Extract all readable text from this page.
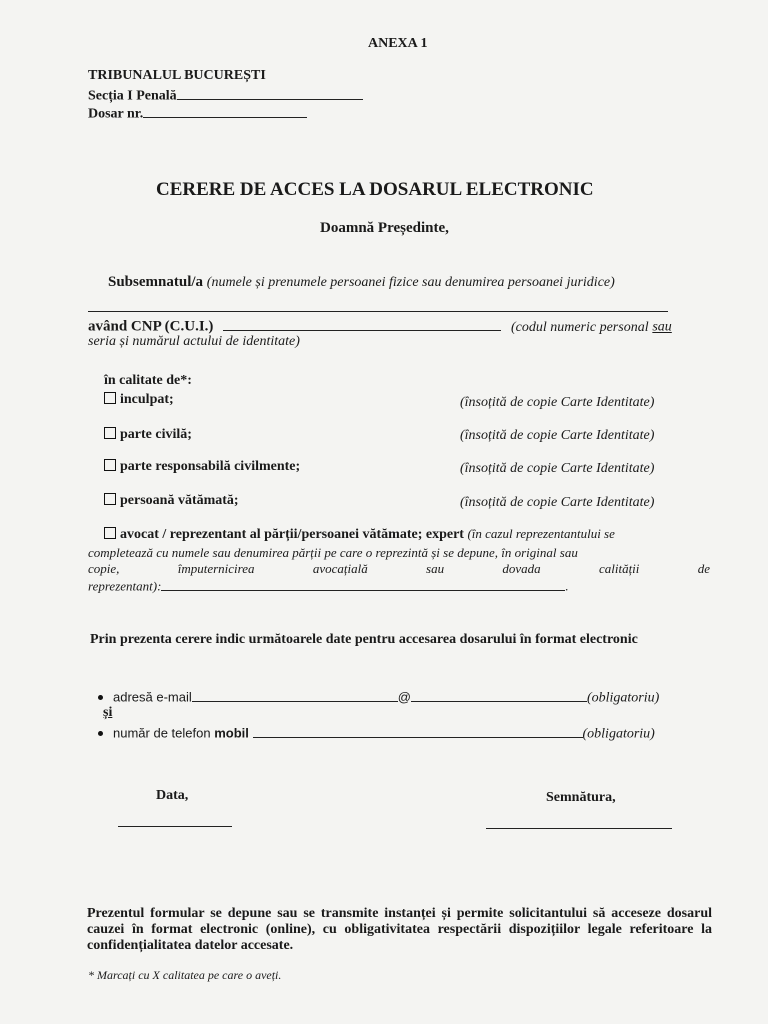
ANEXA 1
TRIBUNALUL BUCUREȘTI
Secția I Penală
Dosar nr.
CERERE DE ACCES LA DOSARUL ELECTRONIC
Doamnă Președinte,
Subsemnatul/a (numele și prenumele persoanei fizice sau denumirea persoanei juridice)
având CNP (C.U.I.)	(codul numeric personal sau
seria și numărul actului de identitate)
în calitate de*:
inculpat;	(însoțită de copie Carte Identitate)
parte civilă;	(însoțită de copie Carte Identitate)
parte responsabilă civilmente;	(însoțită de copie Carte Identitate)
persoană vătămată;	(însoțită de copie Carte Identitate)
avocat / reprezentant al părții/persoanei vătămate; expert (în cazul reprezentantului se
completează cu numele sau denumirea părții pe care o reprezintă și se depune, în original sau
copie, împuternicirea avocațială sau dovada calității de
reprezentant):	.
Prin prezenta cerere indic următoarele date pentru accesarea dosarului în format electronic
adresă e-mail	@	(obligatoriu)
și
număr de telefon mobil	(obligatoriu)
Data,	Semnătura,
Prezentul formular se depune sau se transmite instanței și permite solicitantului să acceseze dosarul cauzei în format electronic (online), cu obligativitatea respectării dispozițiilor legale referitoare la confidențialitatea datelor accesate.
* Marcați cu X calitatea pe care o aveți.
